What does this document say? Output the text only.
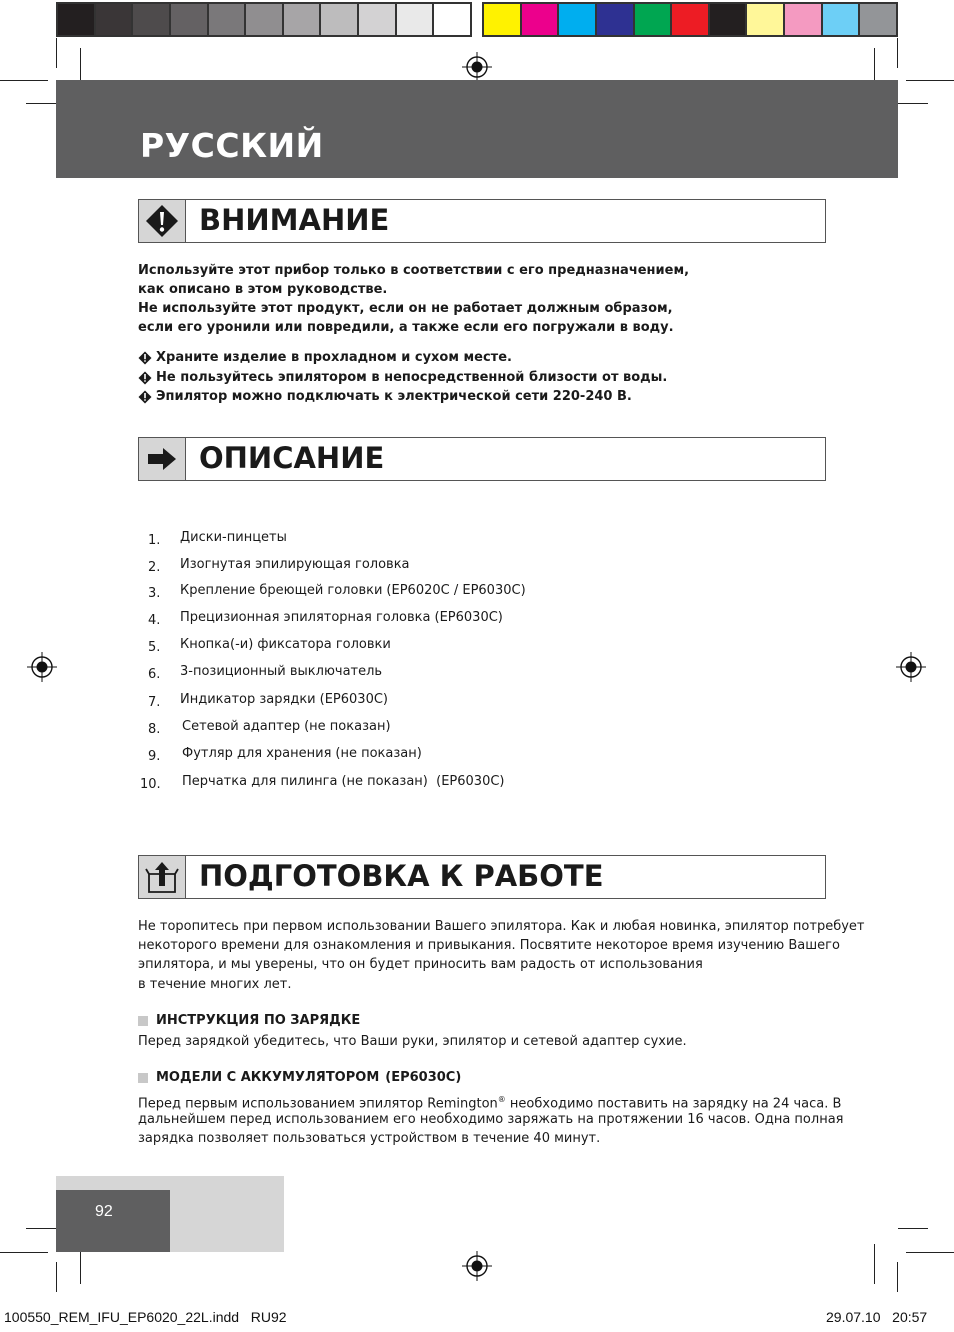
РУССКИЙ
ВНИМАНИЕ
Используйте этот прибор только в соответствии с его предназначением,
как описано в этом руководстве.
Не используйте этот продукт, если он не работает должным образом,
если его уронили или повредили, а также если его погружали в воду.
Храните изделие в прохладном и сухом месте.
Не пользуйтесь эпилятором в непосредственной близости от воды.
Эпилятор можно подключать к электрической сети 220-240 В.
ОПИСАНИЕ
1. Диски-пинцеты
2. Изогнутая эпилирующая головка
3. Крепление бреющей головки (EP6020C / EP6030C)
4. Прецизионная эпиляторная головка (EP6030C)
5. Кнопка(-и) фиксатора головки
6. 3-позиционный выключатель
7. Индикатор зарядки (EP6030C)
8. Сетевой адаптер (не показан)
9. Футляр для хранения (не показан)
10. Перчатка для пилинга (не показан)  (EP6030C)
ПОДГОТОВКА К РАБОТЕ
Не торопитесь при первом использовании Вашего эпилятора. Как и любая новинка, эпилятор потребует
некоторого времени для ознакомления и привыкания. Посвятите некоторое время изучению Вашего
эпилятора, и мы уверены, что он будет приносить вам радость от использования
в течение многих лет.
ИНСТРУКЦИЯ ПО ЗАРЯДКЕ
Перед зарядкой убедитесь, что Ваши руки, эпилятор и сетевой адаптер сухие.
МОДЕЛИ С АККУМУЛЯТОРОМ (EP6030C)
Перед первым использованием эпилятор Remington® необходимо поставить на зарядку на 24 часа. В
дальнейшем перед использованием его необходимо заряжать на протяжении 16 часов. Одна полная
зарядка позволяет пользоваться устройством в течение 40 минут.
92
100550_REM_IFU_EP6020_22L.indd   RU92	29.07.10   20:57
